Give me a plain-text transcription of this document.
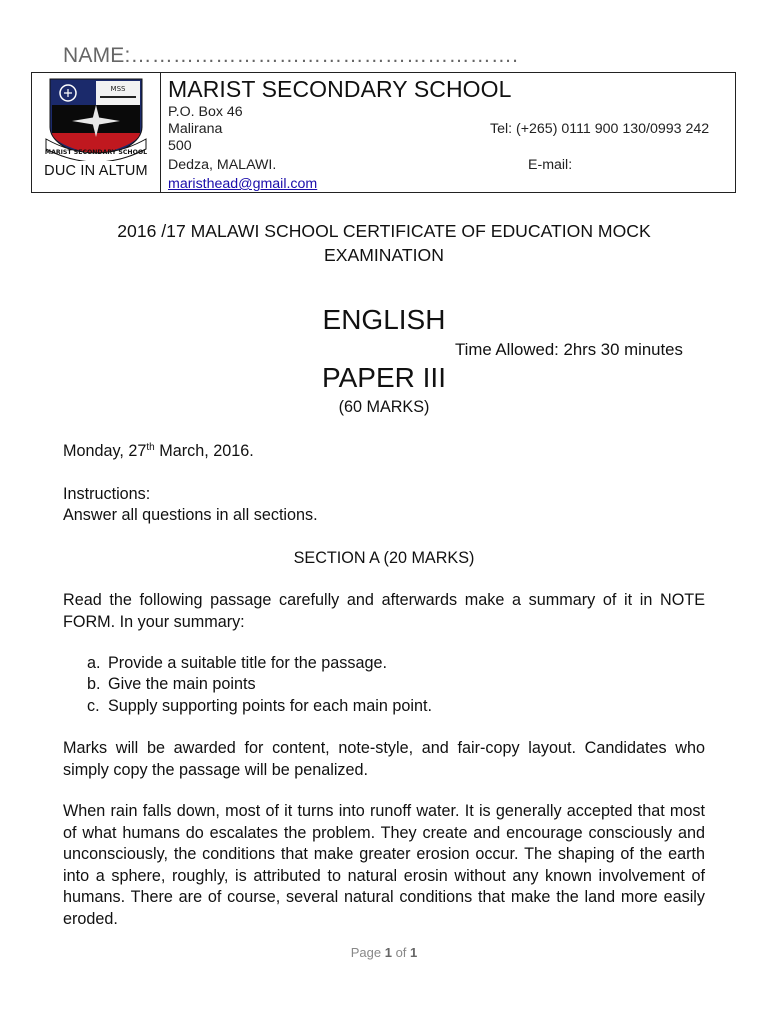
NAME:……………………………………………….
MSS
MARIST SECONDARY SCHOOL
DUC IN ALTUM
MARIST SECONDARY SCHOOL
P.O. Box 46
Malirana
500
Dedza, MALAWI.
maristhead@gmail.com
Tel: (+265) 0111 900 130/0993 242
E-mail:
2016 /17 MALAWI SCHOOL CERTIFICATE OF EDUCATION MOCK
EXAMINATION
ENGLISH
Time Allowed: 2hrs 30 minutes
PAPER III
(60 MARKS)
Monday, 27th March, 2016.
Instructions:
Answer all questions in all sections.
SECTION A (20 MARKS)
Read the following passage carefully and afterwards make a summary of it in NOTE FORM. In your summary:
a. Provide a suitable title for the passage.
b. Give the main points
c. Supply supporting points for each main point.
Marks will be awarded for content, note-style, and fair-copy layout. Candidates who simply copy the passage will be penalized.
When rain falls down, most of it turns into runoff water. It is generally accepted that most of what humans do escalates the problem. They create and encourage consciously and unconsciously, the conditions that make greater erosion occur. The shaping of the earth into a sphere, roughly, is attributed to natural erosin without any known involvement of humans. There are of course, several natural conditions that make the land more easily eroded.
Page 1 of 1
